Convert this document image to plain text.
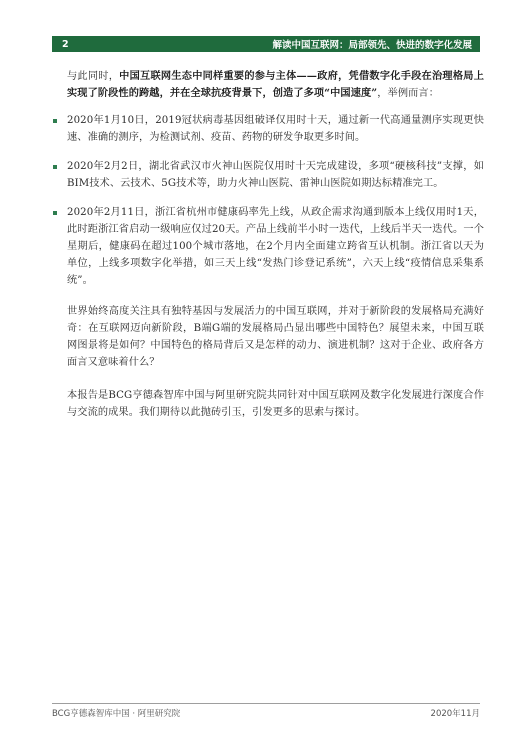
2	解读中国互联网：局部领先、快进的数字化发展

与此同时，中国互联网生态中同样重要的参与主体——政府，凭借数字化手段在治理格局上实现了阶段性的跨越，并在全球抗疫背景下，创造了多项“中国速度”，举例而言：

2020年1月10日，2019冠状病毒基因组破译仅用时十天，通过新一代高通量测序实现更快速、准确的测序，为检测试剂、疫苗、药物的研发争取更多时间。
2020年2月2日，湖北省武汉市火神山医院仅用时十天完成建设，多项“硬核科技”支撑，如BIM技术、云技术、5G技术等，助力火神山医院、雷神山医院如期达标精准完工。
2020年2月11日，浙江省杭州市健康码率先上线，从政企需求沟通到版本上线仅用时1天，此时距浙江省启动一级响应仅过20天。产品上线前半小时一迭代，上线后半天一迭代。一个星期后，健康码在超过100个城市落地，在2个月内全面建立跨省互认机制。浙江省以天为单位，上线多项数字化举措，如三天上线“发热门诊登记系统”，六天上线“疫情信息采集系统”。

世界始终高度关注具有独特基因与发展活力的中国互联网，并对于新阶段的发展格局充满好奇：在互联网迈向新阶段，B端G端的发展格局凸显出哪些中国特色？展望未来，中国互联网图景将是如何？中国特色的格局背后又是怎样的动力、演进机制？这对于企业、政府各方面言又意味着什么？

本报告是BCG亨德森智库中国与阿里研究院共同针对中国互联网及数字化发展进行深度合作与交流的成果。我们期待以此抛砖引玉，引发更多的思索与探讨。

BCG亨德森智库中国 · 阿里研究院	2020年11月
